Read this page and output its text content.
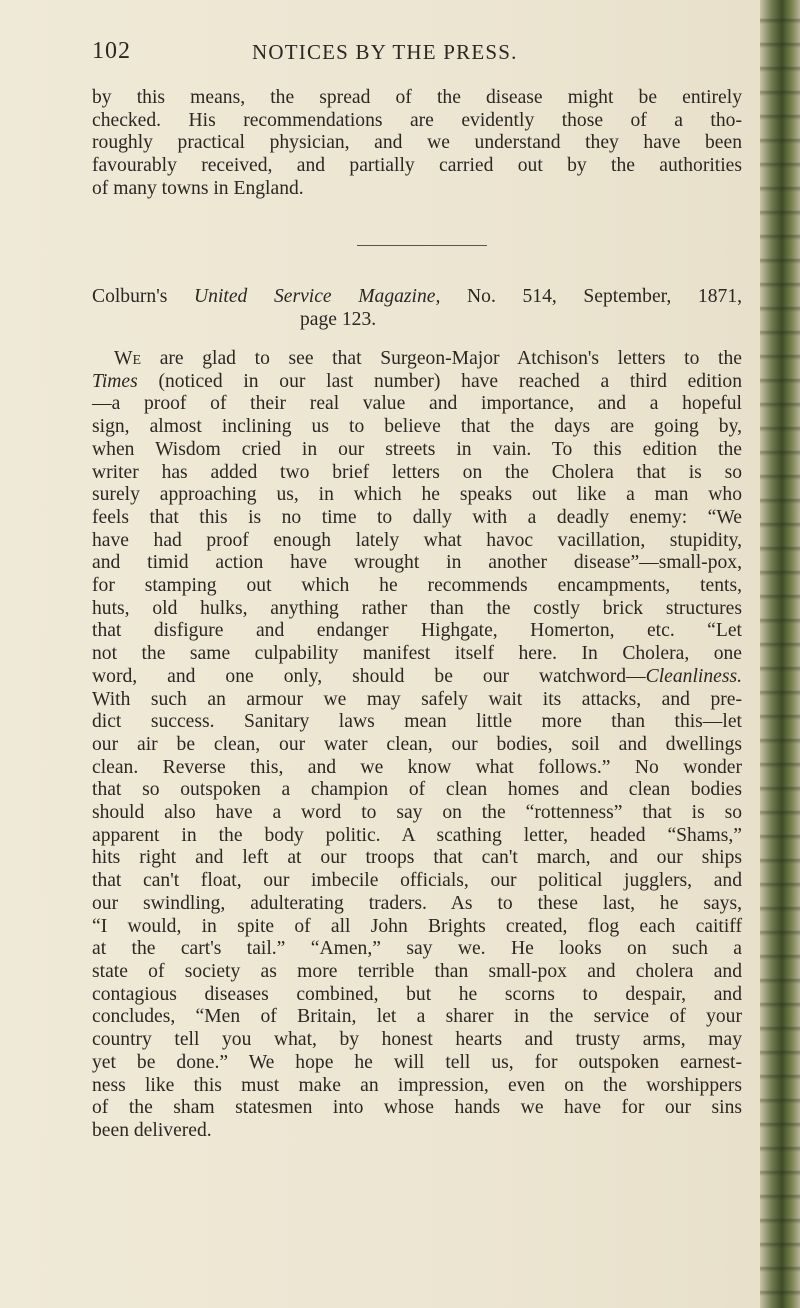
102	NOTICES BY THE PRESS.
by this means, the spread of the disease might be entirely
checked. His recommendations are evidently those of a tho-
roughly practical physician, and we understand they have been
favourably received, and partially carried out by the authorities
of many towns in England.
Colburn's United Service Magazine, No. 514, September, 1871,
page 123.
We are glad to see that Surgeon-Major Atchison's letters to the
Times (noticed in our last number) have reached a third edition
—a proof of their real value and importance, and a hopeful
sign, almost inclining us to believe that the days are going by,
when Wisdom cried in our streets in vain. To this edition the
writer has added two brief letters on the Cholera that is so
surely approaching us, in which he speaks out like a man who
feels that this is no time to dally with a deadly enemy: “We
have had proof enough lately what havoc vacillation, stupidity,
and timid action have wrought in another disease”—small-pox,
for stamping out which he recommends encampments, tents,
huts, old hulks, anything rather than the costly brick structures
that disfigure and endanger Highgate, Homerton, etc. “Let
not the same culpability manifest itself here. In Cholera, one
word, and one only, should be our watchword—Cleanliness.
With such an armour we may safely wait its attacks, and pre-
dict success. Sanitary laws mean little more than this—let
our air be clean, our water clean, our bodies, soil and dwellings
clean. Reverse this, and we know what follows.” No wonder
that so outspoken a champion of clean homes and clean bodies
should also have a word to say on the “rottenness” that is so
apparent in the body politic. A scathing letter, headed “Shams,”
hits right and left at our troops that can't march, and our ships
that can't float, our imbecile officials, our political jugglers, and
our swindling, adulterating traders. As to these last, he says,
“I would, in spite of all John Brights created, flog each caitiff
at the cart's tail.” “Amen,” say we. He looks on such a
state of society as more terrible than small-pox and cholera and
contagious diseases combined, but he scorns to despair, and
concludes, “Men of Britain, let a sharer in the service of your
country tell you what, by honest hearts and trusty arms, may
yet be done.” We hope he will tell us, for outspoken earnest-
ness like this must make an impression, even on the worshippers
of the sham statesmen into whose hands we have for our sins
been delivered.
